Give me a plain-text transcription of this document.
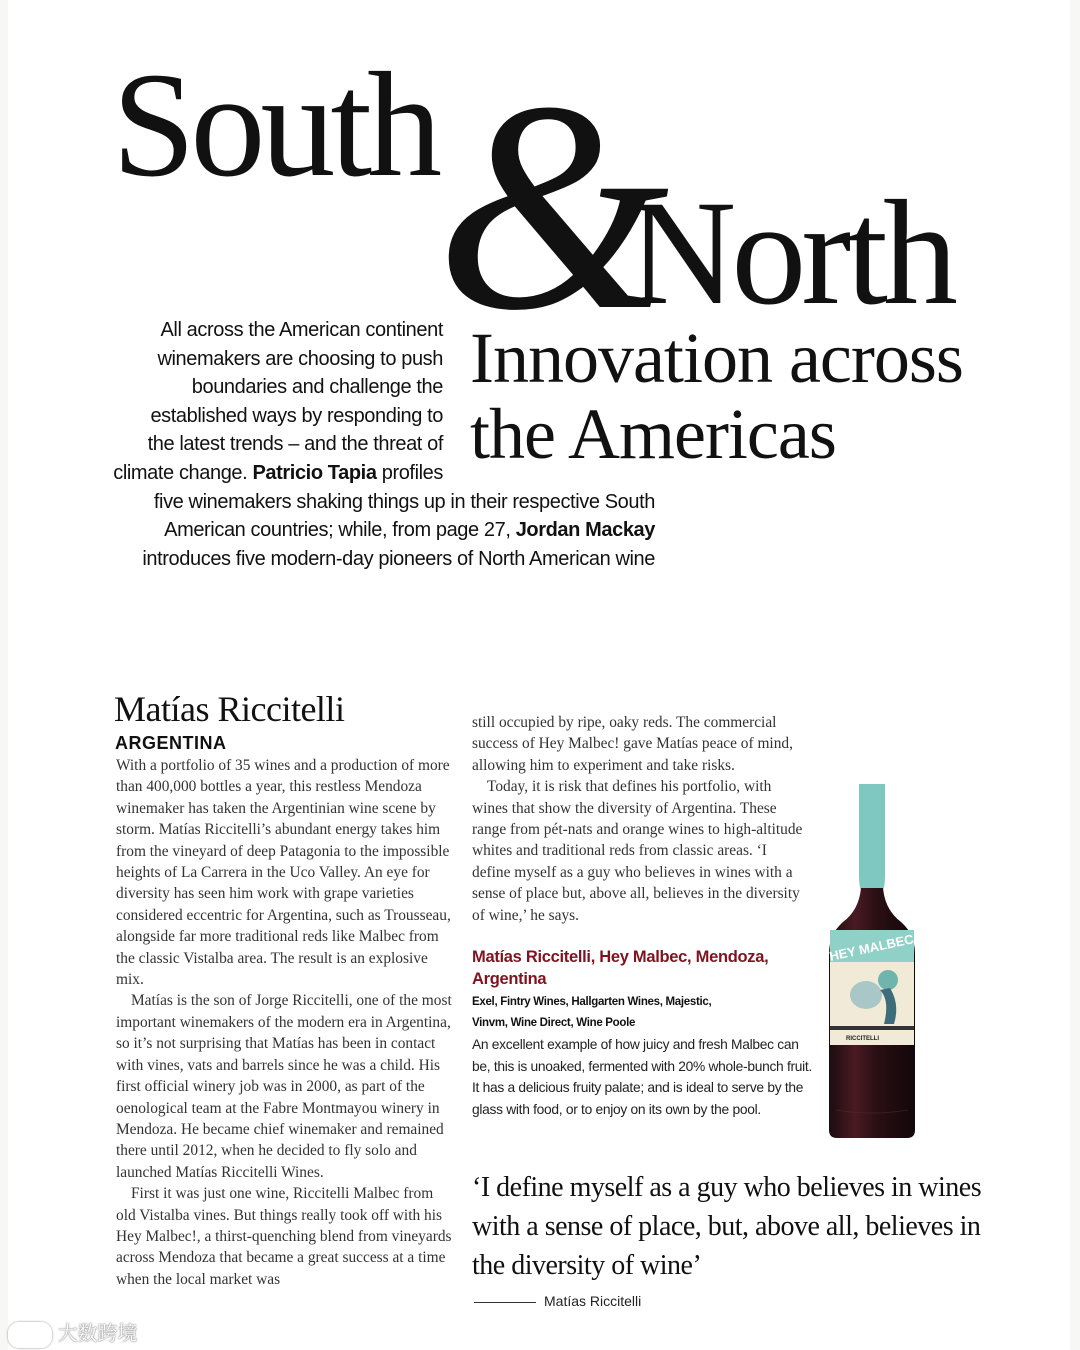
South
&
North
Innovation across
the Americas
All across the American continent
winemakers are choosing to push
boundaries and challenge the
established ways by responding to
the latest trends – and the threat of
climate change. Patricio Tapia profiles
five winemakers shaking things up in their respective South
American countries; while, from page 27, Jordan Mackay
introduces five modern-day pioneers of North American wine
Matías Riccitelli
ARGENTINA

With a portfolio of 35 wines and a production of more than 400,000 bottles a year, this restless Mendoza winemaker has taken the Argentinian wine scene by storm. Matías Riccitelli’s abundant energy takes him from the vineyard of deep Patagonia to the impossible heights of La Carrera in the Uco Valley. An eye for diversity has seen him work with grape varieties considered eccentric for Argentina, such as Trousseau, alongside far more traditional reds like Malbec from the classic Vistalba area. The result is an explosive mix.

Matías is the son of Jorge Riccitelli, one of the most important winemakers of the modern era in Argentina, so it’s not surprising that Matías has been in contact with vines, vats and barrels since he was a child. His first official winery job was in 2000, as part of the oenological team at the Fabre Montmayou winery in Mendoza. He became chief winemaker and remained there until 2012, when he decided to fly solo and launched Matías Riccitelli Wines.

First it was just one wine, Riccitelli Malbec from old Vistalba vines. But things really took off with his Hey Malbec!, a thirst-quenching blend from vineyards across Mendoza that became a great success at a time when the local market was

still occupied by ripe, oaky reds. The commercial success of Hey Malbec! gave Matías peace of mind, allowing him to experiment and take risks.

Today, it is risk that defines his portfolio, with wines that show the diversity of Argentina. These range from pét-nats and orange wines to high-altitude whites and traditional reds from classic areas. ‘I define myself as a guy who believes in wines with a sense of place but, above all, believes in the diversity of wine,’ he says.

Matías Riccitelli, Hey Malbec, Mendoza, Argentina
Exel, Fintry Wines, Hallgarten Wines, Majestic, Vinvm, Wine Direct, Wine Poole
An excellent example of how juicy and fresh Malbec can be, this is unoaked, fermented with 20% whole-bunch fruit. It has a delicious fruity palate; and is ideal to serve by the glass with food, or to enjoy on its own by the pool.
HEY MALBEC
RICCITELLI
‘I define myself as a guy who believes in wines with a sense of place, but, above all, believes in the diversity of wine’
Matías Riccitelli
大数跨境
